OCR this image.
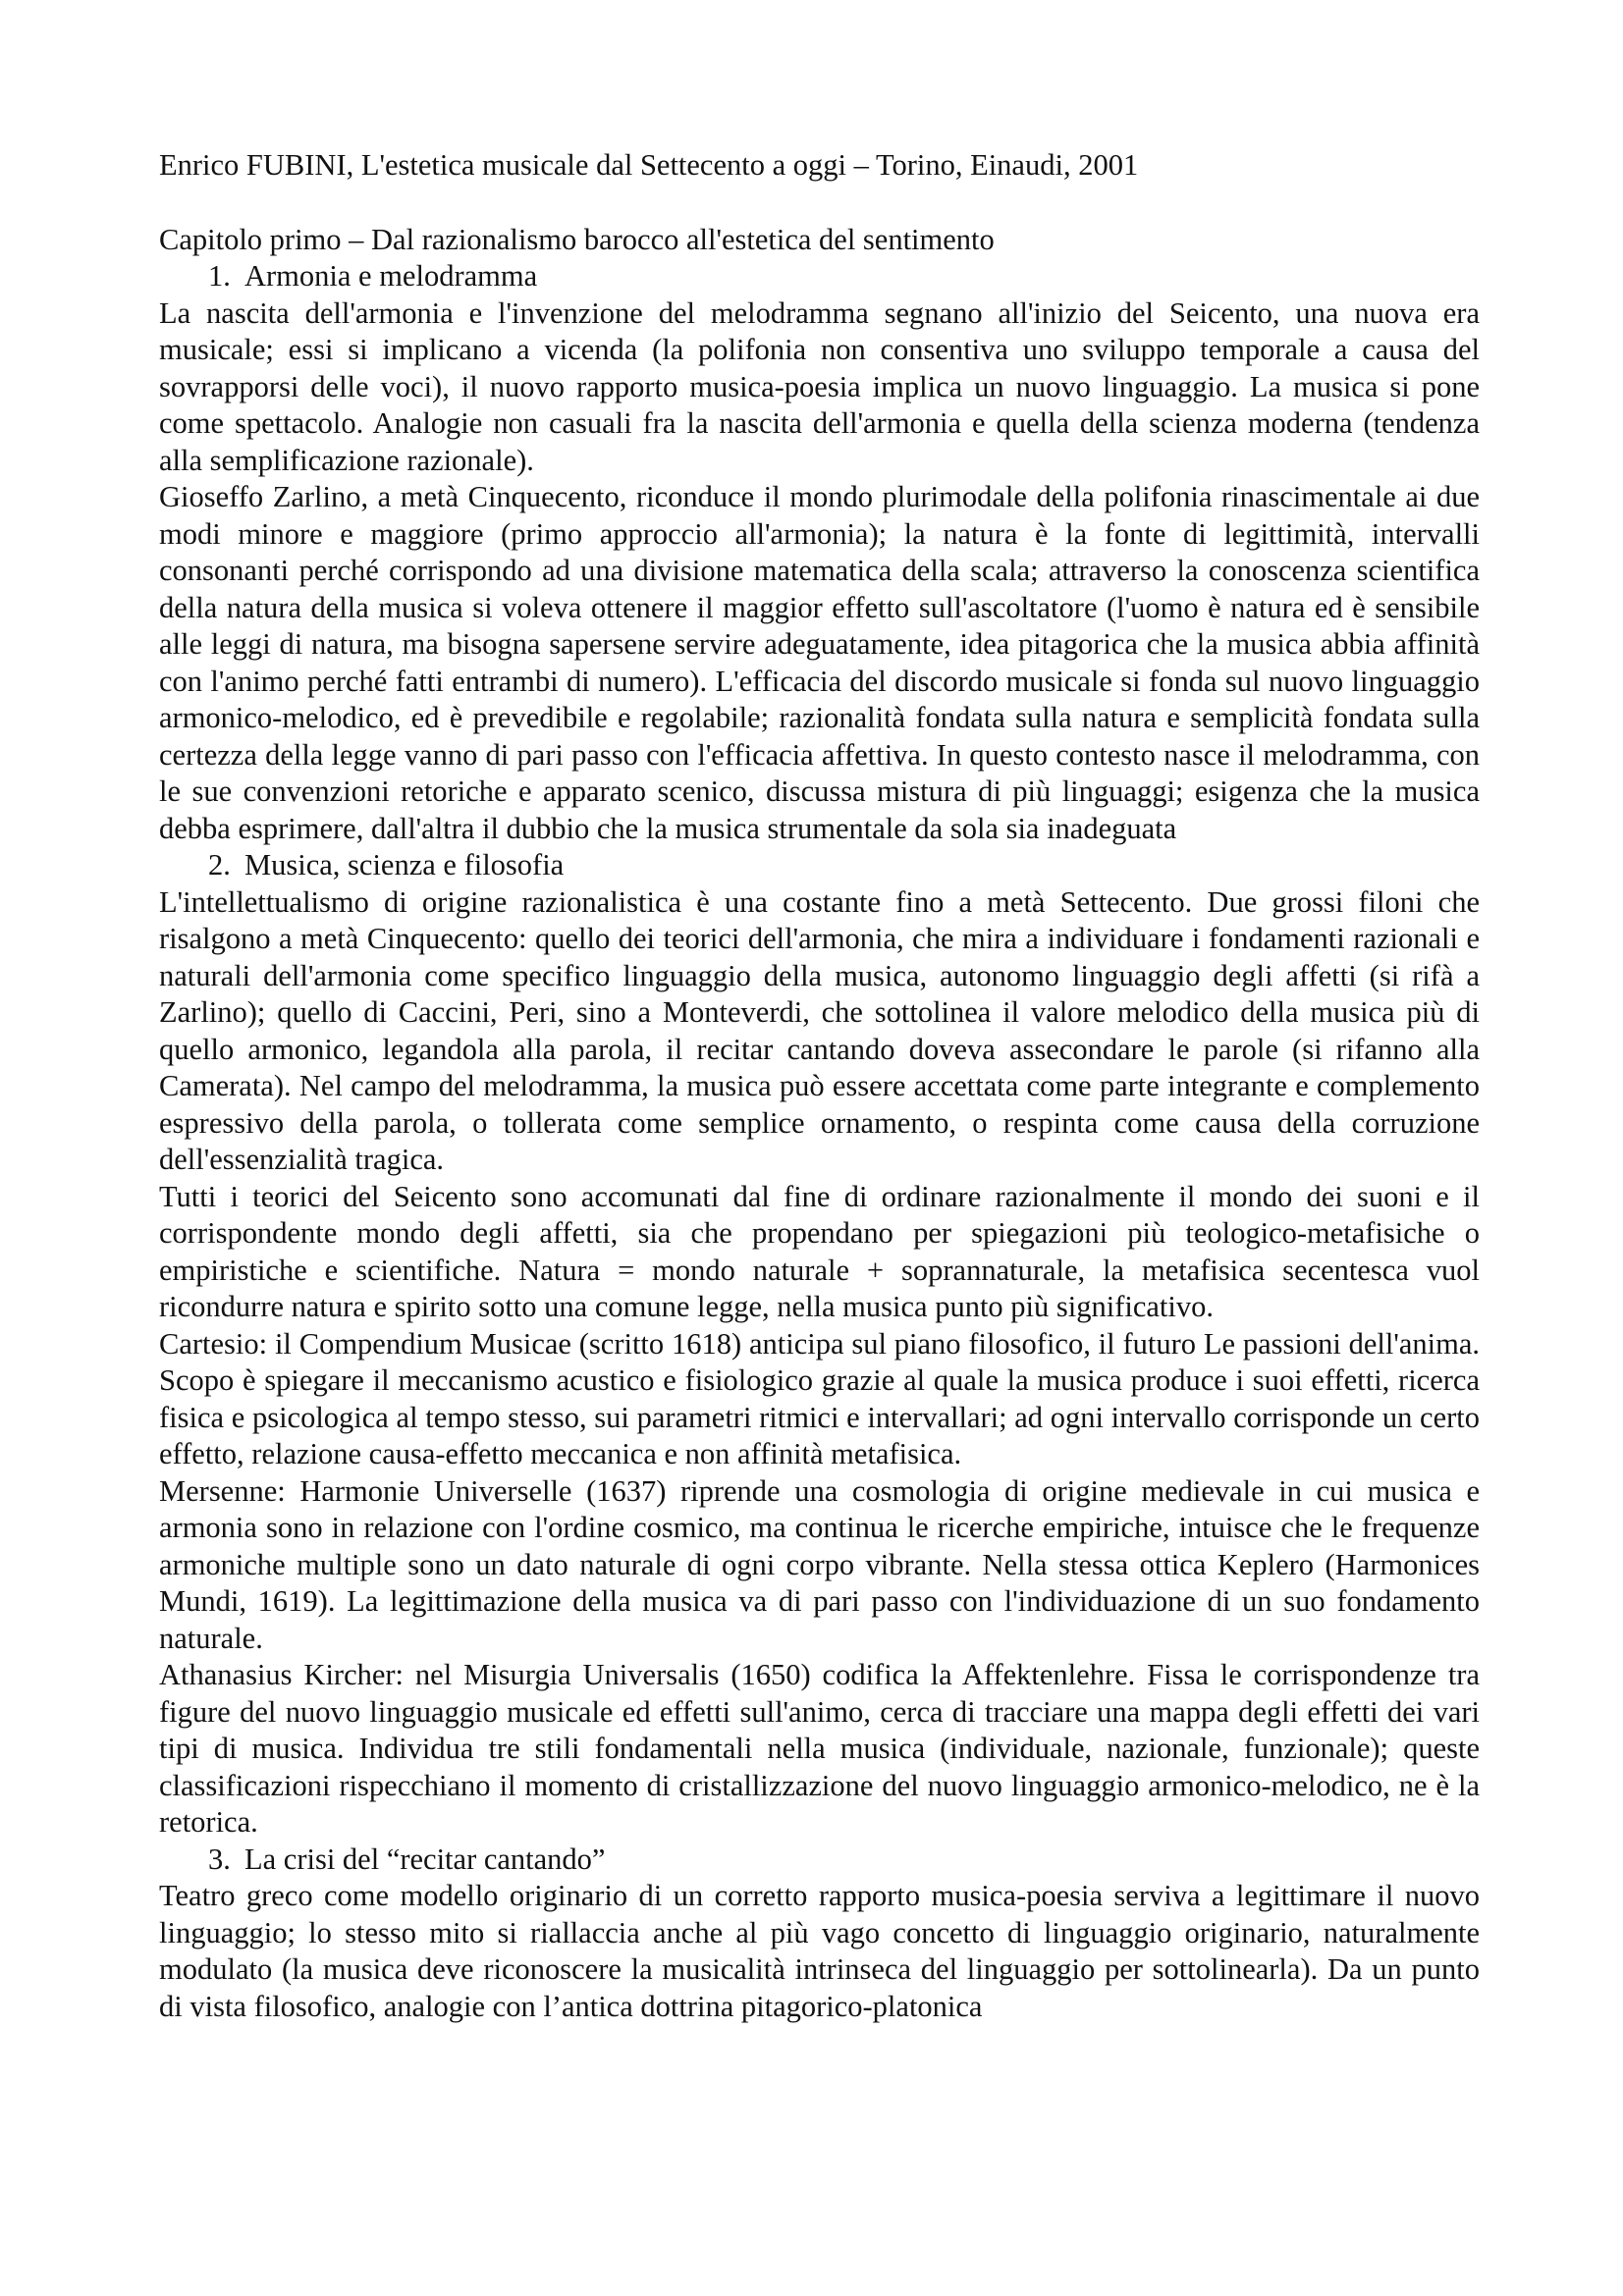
Enrico FUBINI, L'estetica musicale dal Settecento a oggi – Torino, Einaudi, 2001

Capitolo primo – Dal razionalismo barocco all'estetica del sentimento

1. Armonia e melodramma

La nascita dell'armonia e l'invenzione del melodramma segnano all'inizio del Seicento, una nuova era musicale; essi si implicano a vicenda (la polifonia non consentiva uno sviluppo temporale a causa del sovrapporsi delle voci), il nuovo rapporto musica-poesia implica un nuovo linguaggio. La musica si pone come spettacolo. Analogie non casuali fra la nascita dell'armonia e quella della scienza moderna (tendenza alla semplificazione razionale).

Gioseffo Zarlino, a metà Cinquecento, riconduce il mondo plurimodale della polifonia rinascimentale ai due modi minore e maggiore (primo approccio all'armonia); la natura è la fonte di legittimità, intervalli consonanti perché corrispondo ad una divisione matematica della scala; attraverso la conoscenza scientifica della natura della musica si voleva ottenere il maggior effetto sull'ascoltatore (l'uomo è natura ed è sensibile alle leggi di natura, ma bisogna sapersene servire adeguatamente, idea pitagorica che la musica abbia affinità con l'animo perché fatti entrambi di numero). L'efficacia del discordo musicale si fonda sul nuovo linguaggio armonico-melodico, ed è prevedibile e regolabile; razionalità fondata sulla natura e semplicità fondata sulla certezza della legge vanno di pari passo con l'efficacia affettiva. In questo contesto nasce il melodramma, con le sue convenzioni retoriche e apparato scenico, discussa mistura di più linguaggi; esigenza che la musica debba esprimere, dall'altra il dubbio che la musica strumentale da sola sia inadeguata

2. Musica, scienza e filosofia

L'intellettualismo di origine razionalistica è una costante fino a metà Settecento. Due grossi filoni che risalgono a metà Cinquecento: quello dei teorici dell'armonia, che mira a individuare i fondamenti razionali e naturali dell'armonia come specifico linguaggio della musica, autonomo linguaggio degli affetti (si rifà a Zarlino); quello di Caccini, Peri, sino a Monteverdi, che sottolinea il valore melodico della musica più di quello armonico, legandola alla parola, il recitar cantando doveva assecondare le parole (si rifanno alla Camerata). Nel campo del melodramma, la musica può essere accettata come parte integrante e complemento espressivo della parola, o tollerata come semplice ornamento, o respinta come causa della corruzione dell'essenzialità tragica.

Tutti i teorici del Seicento sono accomunati dal fine di ordinare razionalmente il mondo dei suoni e il corrispondente mondo degli affetti, sia che propendano per spiegazioni più teologico-metafisiche o empiristiche e scientifiche. Natura = mondo naturale + soprannaturale, la metafisica secentesca vuol ricondurre natura e spirito sotto una comune legge, nella musica punto più significativo.

Cartesio: il Compendium Musicae (scritto 1618) anticipa sul piano filosofico, il futuro Le passioni dell'anima. Scopo è spiegare il meccanismo acustico e fisiologico grazie al quale la musica produce i suoi effetti, ricerca fisica e psicologica al tempo stesso, sui parametri ritmici e intervallari; ad ogni intervallo corrisponde un certo effetto, relazione causa-effetto meccanica e non affinità metafisica.

Mersenne: Harmonie Universelle (1637) riprende una cosmologia di origine medievale in cui musica e armonia sono in relazione con l'ordine cosmico, ma continua le ricerche empiriche, intuisce che le frequenze armoniche multiple sono un dato naturale di ogni corpo vibrante. Nella stessa ottica Keplero (Harmonices Mundi, 1619). La legittimazione della musica va di pari passo con l'individuazione di un suo fondamento naturale.

Athanasius Kircher: nel Misurgia Universalis (1650) codifica la Affektenlehre. Fissa le corrispondenze tra figure del nuovo linguaggio musicale ed effetti sull'animo, cerca di tracciare una mappa degli effetti dei vari tipi di musica. Individua tre stili fondamentali nella musica (individuale, nazionale, funzionale); queste classificazioni rispecchiano il momento di cristallizzazione del nuovo linguaggio armonico-melodico, ne è la retorica.

3. La crisi del “recitar cantando”

Teatro greco come modello originario di un corretto rapporto musica-poesia serviva a legittimare il nuovo linguaggio; lo stesso mito si riallaccia anche al più vago concetto di linguaggio originario, naturalmente modulato (la musica deve riconoscere la musicalità intrinseca del linguaggio per sottolinearla). Da un punto di vista filosofico, analogie con l’antica dottrina pitagorico-platonica
